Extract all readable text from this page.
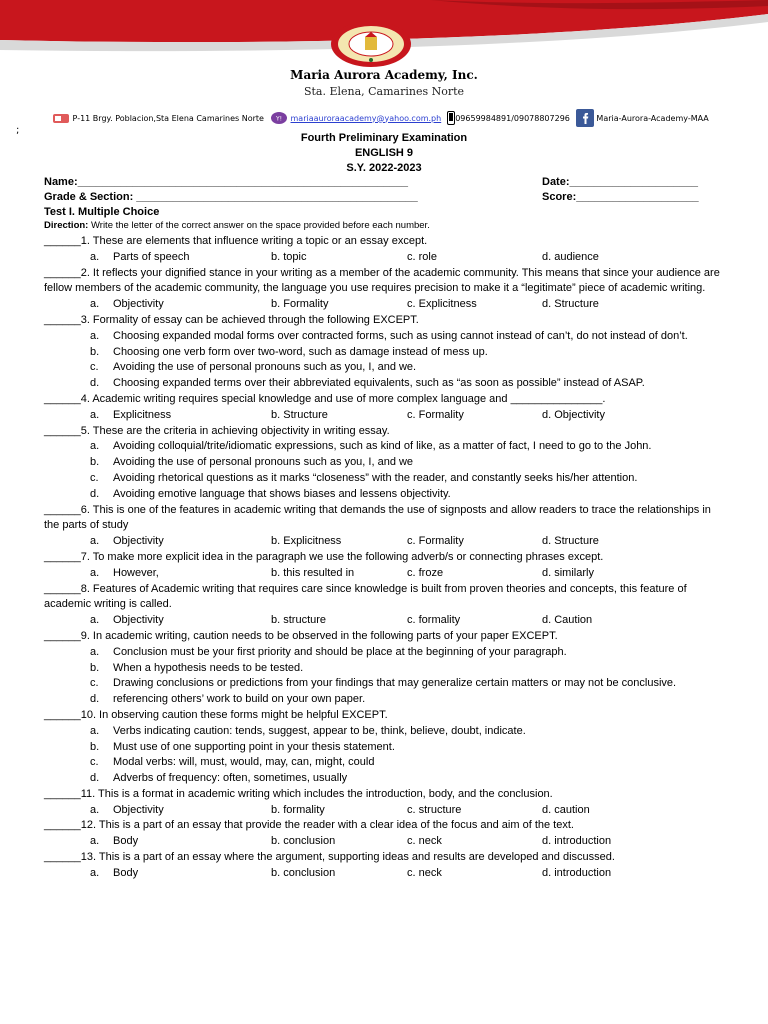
Maria Aurora Academy, Inc.
Sta. Elena, Camarines Norte

P-11 Brgy. Poblacion,Sta Elena Camarines Norte Y!
mariaauroraacademy@yahoo.com.ph 09659984891/09078807296
	Maria-Aurora-Academy-MAA
;
Fourth Preliminary Examination
ENGLISH 9
S.Y. 2022-2023
Name:______________________________________________________	Date:_____________________
Grade & Section: ______________________________________________	Score:____________________
Test I. Multiple Choice
Direction: Write the letter of the correct answer on the space provided before each number.

______1. These are elements that influence writing a topic or an essay except.

a. Parts of speech	b. topic	c. role	d. audience

______2. It reflects your dignified stance in your writing as a member of the academic community. This means that since your audience are fellow members of the academic community, the language you use requires precision to make it a “legitimate” piece of academic writing.

a. Objectivity	b. Formality	c. Explicitness	d. Structure

______3. Formality of essay can be achieved through the following EXCEPT.

a. Choosing expanded modal forms over contracted forms, such as using cannot instead of can’t, do not instead of don’t.
b. Choosing one verb form over two-word, such as damage instead of mess up.
c. Avoiding the use of personal pronouns such as you, I, and we.
d. Choosing expanded terms over their abbreviated equivalents, such as “as soon as possible” instead of ASAP.

______4. Academic writing requires special knowledge and use of more complex language and _______________.

a. Explicitness	b. Structure	c. Formality	d. Objectivity

______5. These are the criteria in achieving objectivity in writing essay.

a. Avoiding colloquial/trite/idiomatic expressions, such as kind of like, as a matter of fact, I need to go to the John.
b. Avoiding the use of personal pronouns such as you, I, and we
c. Avoiding rhetorical questions as it marks “closeness” with the reader, and constantly seeks his/her attention.
d. Avoiding emotive language that shows biases and lessens objectivity.

______6. This is one of the features in academic writing that demands the use of signposts and allow readers to trace the relationships in the parts of study

a. Objectivity	b. Explicitness	c. Formality	d. Structure

______7. To make more explicit idea in the paragraph we use the following adverb/s or connecting phrases except.

a. However,	b. this resulted in	c. froze	d. similarly

______8. Features of Academic writing that requires care since knowledge is built from proven theories and concepts, this feature of academic writing is called.

a. Objectivity	b. structure	c. formality	d. Caution

______9. In academic writing, caution needs to be observed in the following parts of your paper EXCEPT.

a. Conclusion must be your first priority and should be place at the beginning of your paragraph.
b. When a hypothesis needs to be tested.
c. Drawing conclusions or predictions from your findings that may generalize certain matters or may not be conclusive.
d. referencing others’ work to build on your own paper.

______10. In observing caution these forms might be helpful EXCEPT.

a. Verbs indicating caution: tends, suggest, appear to be, think, believe, doubt, indicate.
b. Must use of one supporting point in your thesis statement.
c. Modal verbs: will, must, would, may, can, might, could
d. Adverbs of frequency: often, sometimes, usually

______11. This is a format in academic writing which includes the introduction, body, and the conclusion.

a. Objectivity	b. formality	c. structure	d. caution

______12. This is a part of an essay that provide the reader with a clear idea of the focus and aim of the text.

a. Body	b. conclusion	c. neck	d. introduction

______13. This is a part of an essay where the argument, supporting ideas and results are developed and discussed.

a. Body	b. conclusion	c. neck	d. introduction
